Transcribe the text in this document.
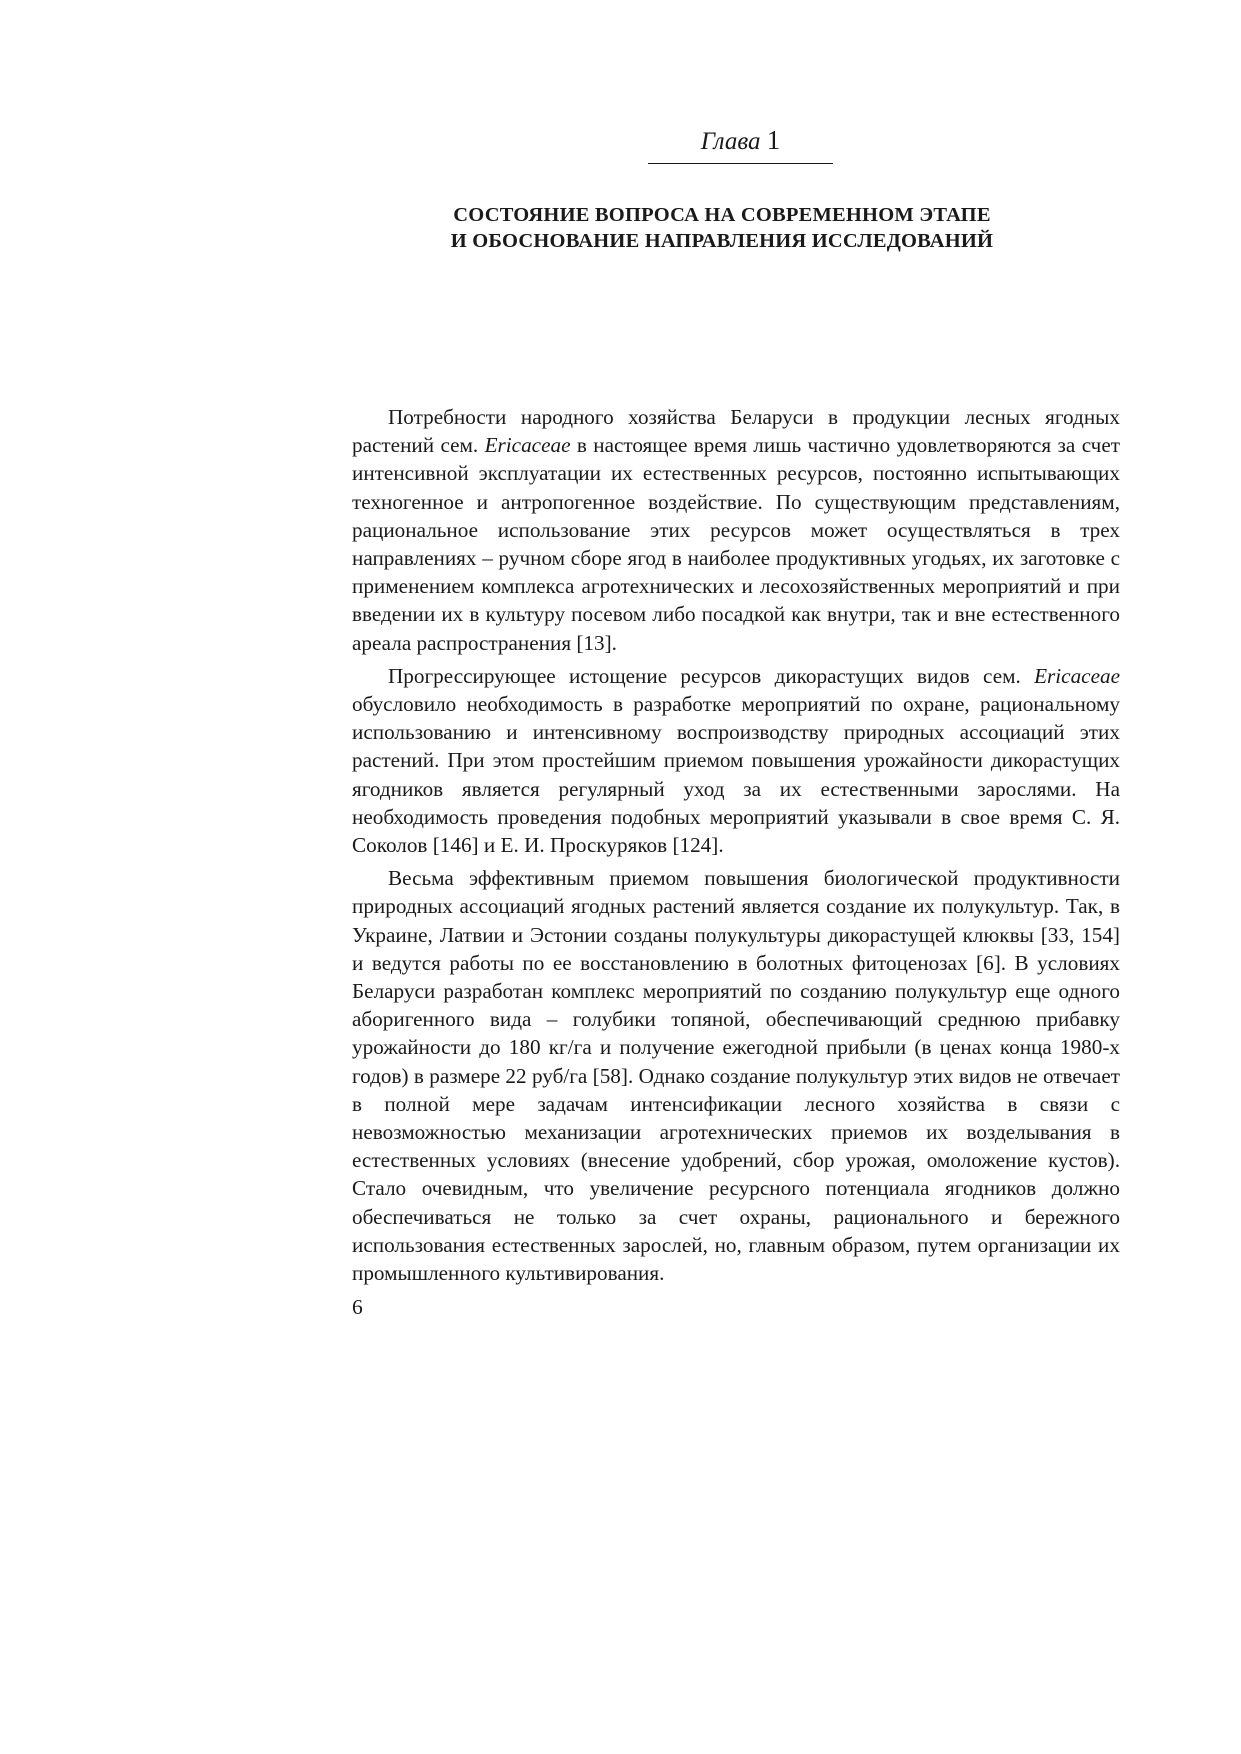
Глава 1
СОСТОЯНИЕ ВОПРОСА НА СОВРЕМЕННОМ ЭТАПЕ
И ОБОСНОВАНИЕ НАПРАВЛЕНИЯ ИССЛЕДОВАНИЙ

Потребности народного хозяйства Беларуси в продукции лесных ягодных растений сем. Ericaceae в настоящее время лишь частично удовлетворяются за счет интенсивной эксплуатации их естественных ресурсов, постоянно испытывающих техногенное и антропогенное воздействие. По существующим представлениям, рациональное использование этих ресурсов может осуществляться в трех направлениях – ручном сборе ягод в наиболее продуктивных угодьях, их заготовке с применением комплекса агротехнических и лесохозяйственных мероприятий и при введении их в культуру посевом либо посадкой как внутри, так и вне естественного ареала распространения [13].

Прогрессирующее истощение ресурсов дикорастущих видов сем. Ericaceae обусловило необходимость в разработке мероприятий по охране, рациональному использованию и интенсивному воспроизводству природных ассоциаций этих растений. При этом простейшим приемом повышения урожайности дикорастущих ягодников является регулярный уход за их естественными зарослями. На необходимость проведения подобных мероприятий указывали в свое время С. Я. Соколов [146] и Е. И. Проскуряков [124].

Весьма эффективным приемом повышения биологической продуктивности природных ассоциаций ягодных растений является создание их полукультур. Так, в Украине, Латвии и Эстонии созданы полукультуры дикорастущей клюквы [33, 154] и ведутся работы по ее восстановлению в болотных фитоценозах [6]. В условиях Беларуси разработан комплекс мероприятий по созданию полукультур еще одного аборигенного вида – голубики топяной, обеспечивающий среднюю прибавку урожайности до 180 кг/га и получение ежегодной прибыли (в ценах конца 1980-х годов) в размере 22 руб/га [58]. Однако создание полукультур этих видов не отвечает в полной мере задачам интенсификации лесного хозяйства в связи с невозможностью механизации агротехнических приемов их возделывания в естественных условиях (внесение удобрений, сбор урожая, омоложение кустов). Стало очевидным, что увеличение ресурсного потенциала ягодников должно обеспечиваться не только за счет охраны, рационального и бережного использования естественных зарослей, но, главным образом, путем организации их промышленного культивирования.

6
